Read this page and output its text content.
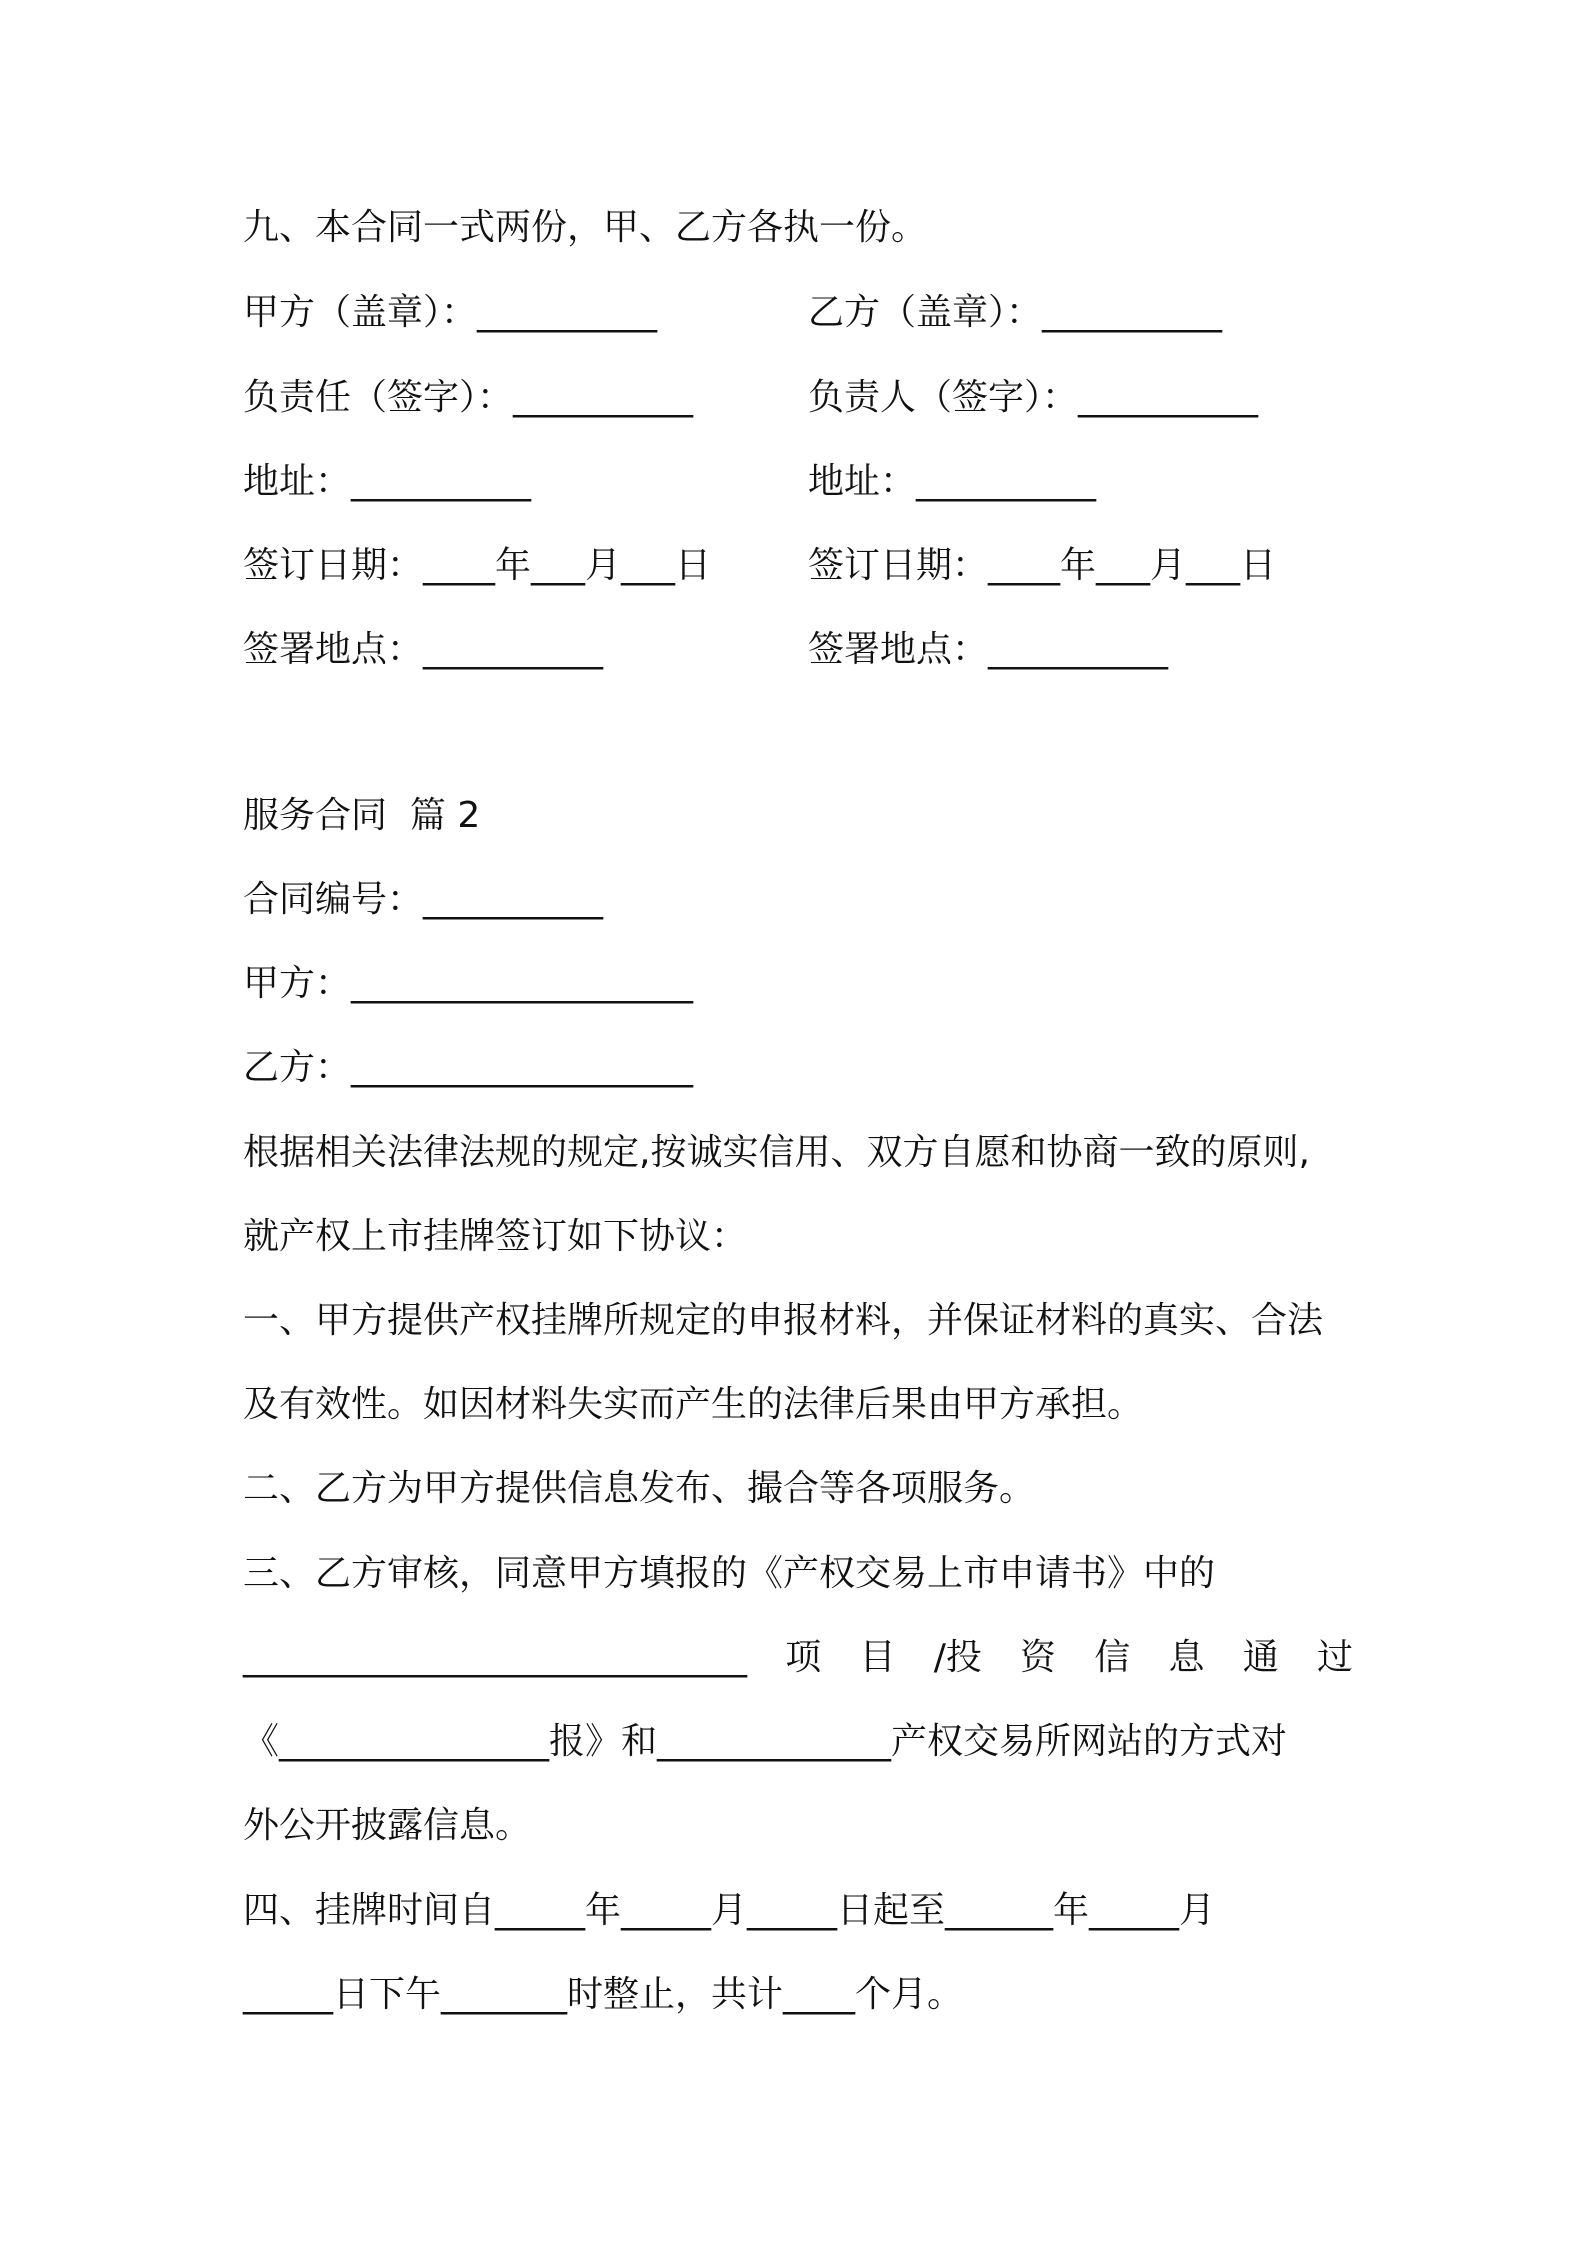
九、本合同一式两份，甲、乙方各执一份。
甲方（盖章）：__________	乙方（盖章）：__________
负责任（签字）：__________	负责人（签字）：__________
地址：__________	地址：__________
签订日期：____年___月___日	签订日期：____年___月___日
签署地点：__________	签署地点：__________
服务合同  篇 2
合同编号：__________
甲方：___________________
乙方：___________________
根据相关法律法规的规定,按诚实信用、双方自愿和协商一致的原则,
就产权上市挂牌签订如下协议：
一、甲方提供产权挂牌所规定的申报材料，并保证材料的真实、合法
及有效性。如因材料失实而产生的法律后果由甲方承担。
二、乙方为甲方提供信息发布、撮合等各项服务。
三、乙方审核，同意甲方填报的《产权交易上市申请书》中的
____________________________ 项 目 /投 资 信 息 通 过
《_______________报》和_____________产权交易所网站的方式对
外公开披露信息。
四、挂牌时间自_____年_____月_____日起至______年_____月
_____日下午_______时整止，共计____个月。
